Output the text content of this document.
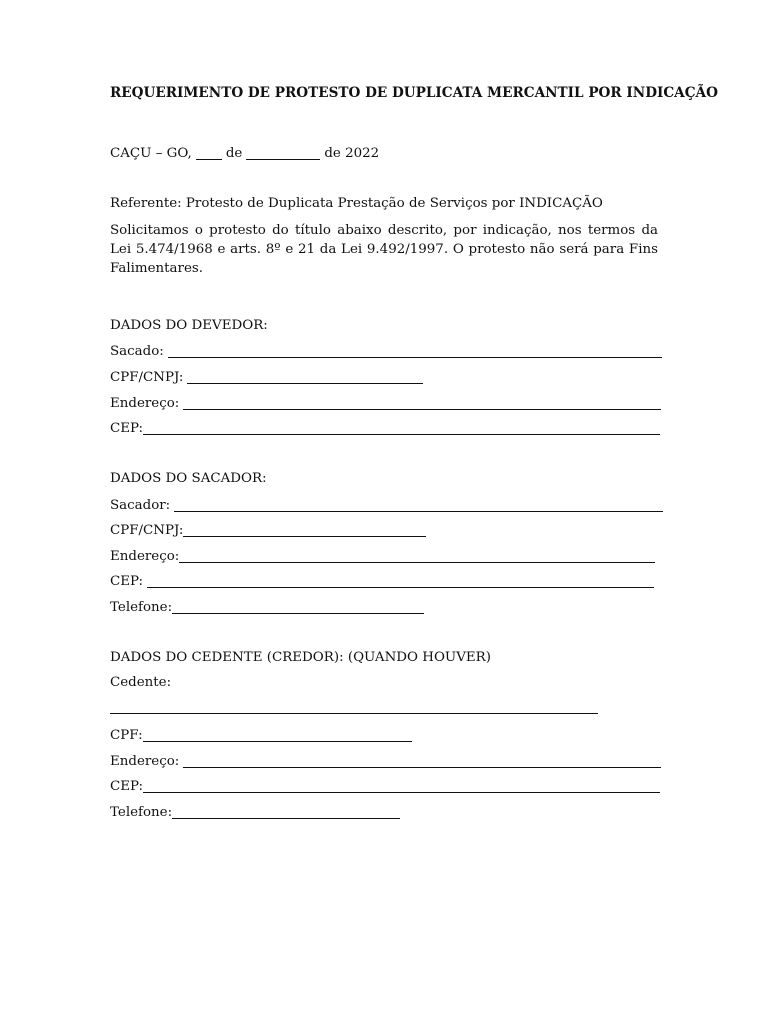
REQUERIMENTO DE PROTESTO DE DUPLICATA MERCANTIL POR INDICAÇÃO
CAÇU – GO,	de	de 2022
Referente: Protesto de Duplicata Prestação de Serviços por INDICAÇÃO
Solicitamos o protesto do título abaixo descrito, por indicação, nos termos da Lei 5.474/1968 e arts. 8º e 21 da Lei 9.492/1997. O protesto não será para Fins Falimentares.
DADOS DO DEVEDOR:
Sacado:
CPF/CNPJ:
Endereço:
CEP:
DADOS DO SACADOR:
Sacador:
CPF/CNPJ:
Endereço:
CEP:
Telefone:
DADOS DO CEDENTE (CREDOR): (QUANDO HOUVER)
Cedente:
CPF:
Endereço:
CEP:
Telefone:
